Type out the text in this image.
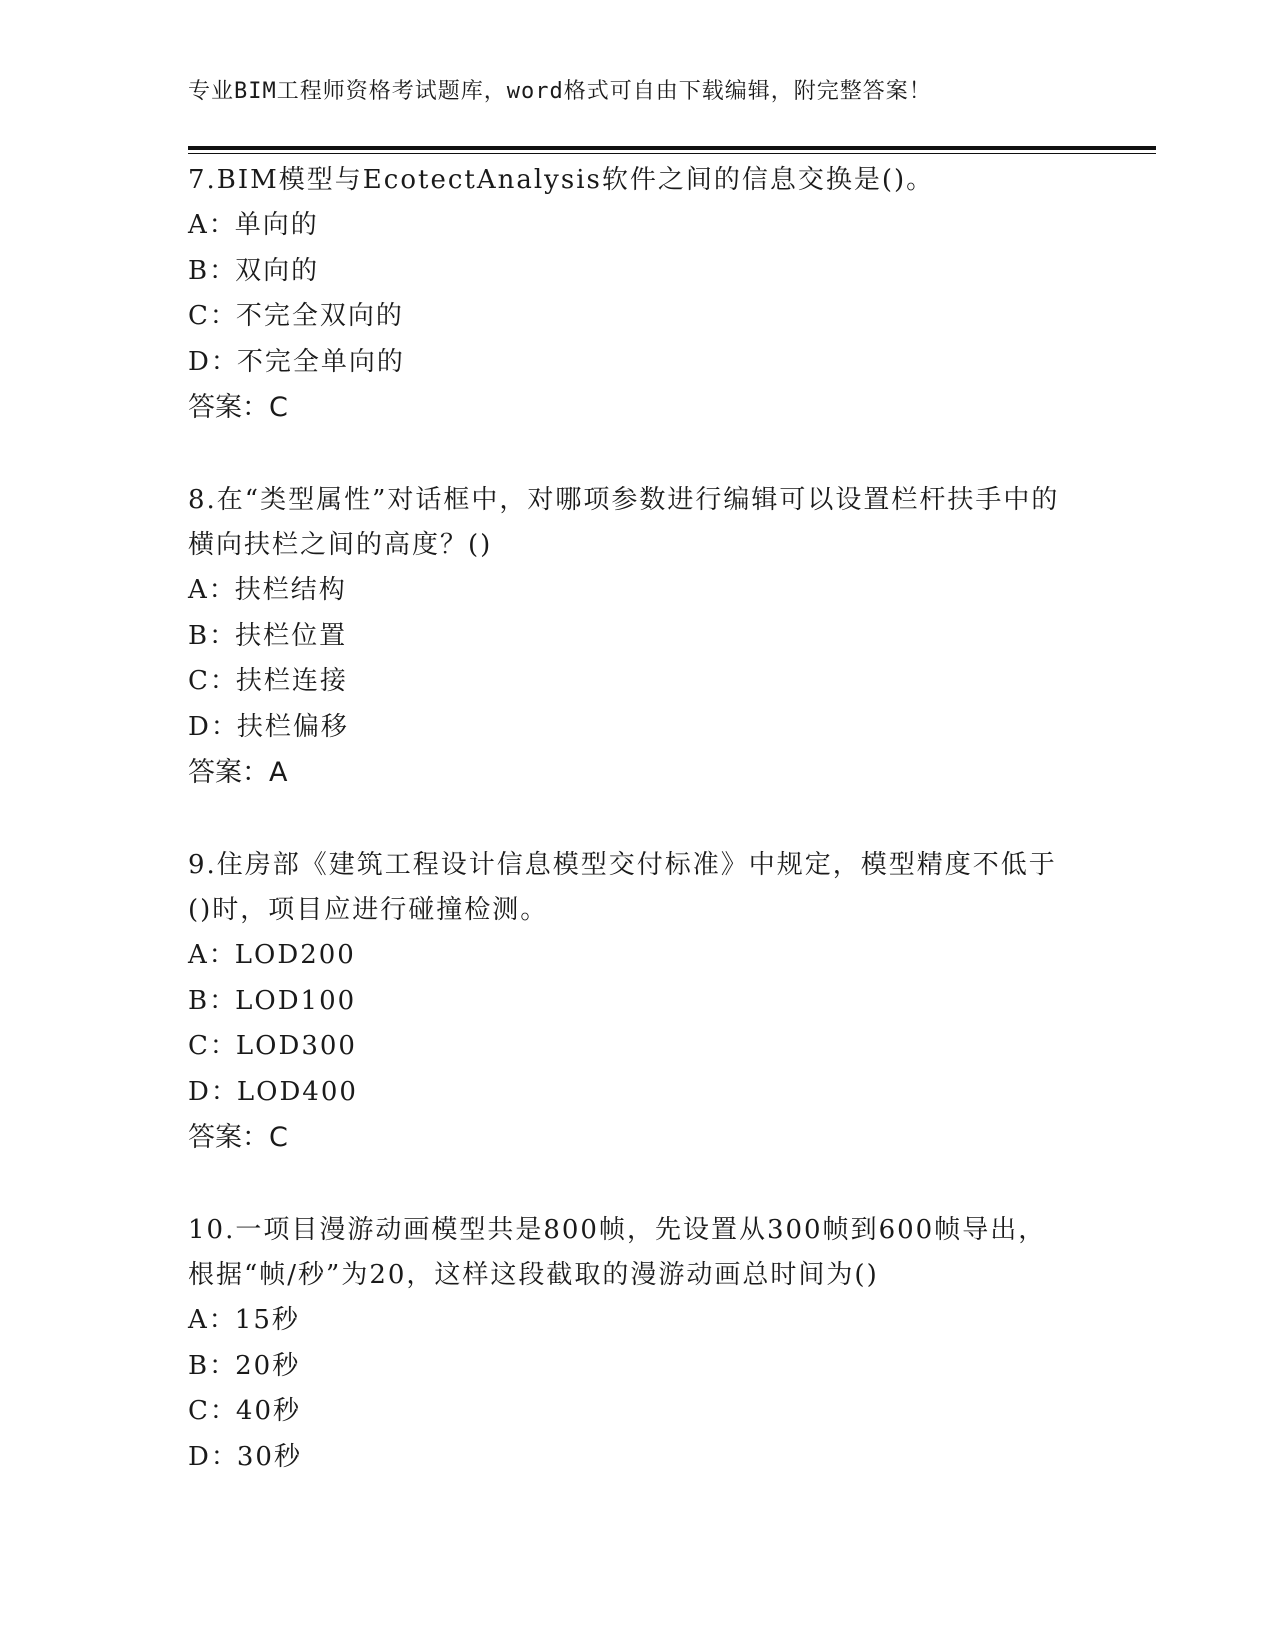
专业BIM工程师资格考试题库，word格式可自由下载编辑，附完整答案！

7.BIM模型与EcotectAnalysis软件之间的信息交换是()。

A：单向的

B：双向的

C：不完全双向的

D：不完全单向的

答案：C

8.在“类型属性”对话框中，对哪项参数进行编辑可以设置栏杆扶手中的横向扶栏之间的高度？()

A：扶栏结构

B：扶栏位置

C：扶栏连接

D：扶栏偏移

答案：A

9.住房部《建筑工程设计信息模型交付标准》中规定，模型精度不低于()时，项目应进行碰撞检测。

A：LOD200

B：LOD100

C：LOD300

D：LOD400

答案：C

10.一项目漫游动画模型共是800帧，先设置从300帧到600帧导出，根据“帧/秒”为20，这样这段截取的漫游动画总时间为()

A：15秒

B：20秒

C：40秒

D：30秒
